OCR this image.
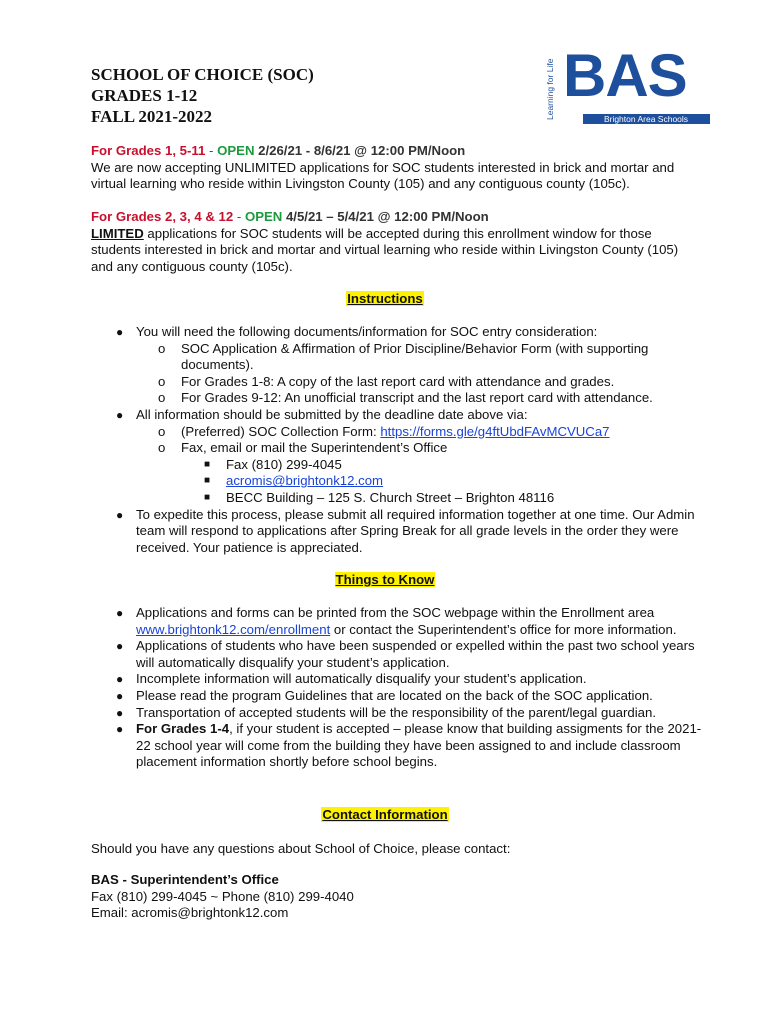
SCHOOL OF CHOICE (SOC)
GRADES 1-12
FALL 2021-2022	Learning for Life BAS
Brighton Area Schools
For Grades 1, 5-11 - OPEN 2/26/21 - 8/6/21 @ 12:00 PM/Noon
We are now accepting UNLIMITED applications for SOC students interested in brick and mortar and virtual learning who reside within Livingston County (105) and any contiguous county (105c).
For Grades 2, 3, 4 & 12 - OPEN 4/5/21 – 5/4/21 @ 12:00 PM/Noon
LIMITED applications for SOC students will be accepted during this enrollment window for those students interested in brick and mortar and virtual learning who reside within Livingston County (105) and any contiguous county (105c).
Instructions
● You will need the following documents/information for SOC entry consideration:
o SOC Application & Affirmation of Prior Discipline/Behavior Form (with supporting documents).
o For Grades 1-8: A copy of the last report card with attendance and grades.
o For Grades 9-12: An unofficial transcript and the last report card with attendance.
● All information should be submitted by the deadline date above via:
o (Preferred) SOC Collection Form: https://forms.gle/g4ftUbdFAvMCVUCa7
o Fax, email or mail the Superintendent’s Office
■ Fax (810) 299-4045
■ acromis@brightonk12.com
■ BECC Building – 125 S. Church Street – Brighton 48116
● To expedite this process, please submit all required information together at one time. Our Admin team will respond to applications after Spring Break for all grade levels in the order they were received. Your patience is appreciated.
Things to Know
● Applications and forms can be printed from the SOC webpage within the Enrollment area www.brightonk12.com/enrollment or contact the Superintendent’s office for more information.
● Applications of students who have been suspended or expelled within the past two school years will automatically disqualify your student’s application.
● Incomplete information will automatically disqualify your student’s application.
● Please read the program Guidelines that are located on the back of the SOC application.
● Transportation of accepted students will be the responsibility of the parent/legal guardian.
● For Grades 1-4, if your student is accepted – please know that building assigments for the 2021-22 school year will come from the building they have been assigned to and include classroom placement information shortly before school begins.
Contact Information
Should you have any questions about School of Choice, please contact:
BAS - Superintendent’s Office
Fax (810) 299-4045 ~ Phone (810) 299-4040
Email: acromis@brightonk12.com
